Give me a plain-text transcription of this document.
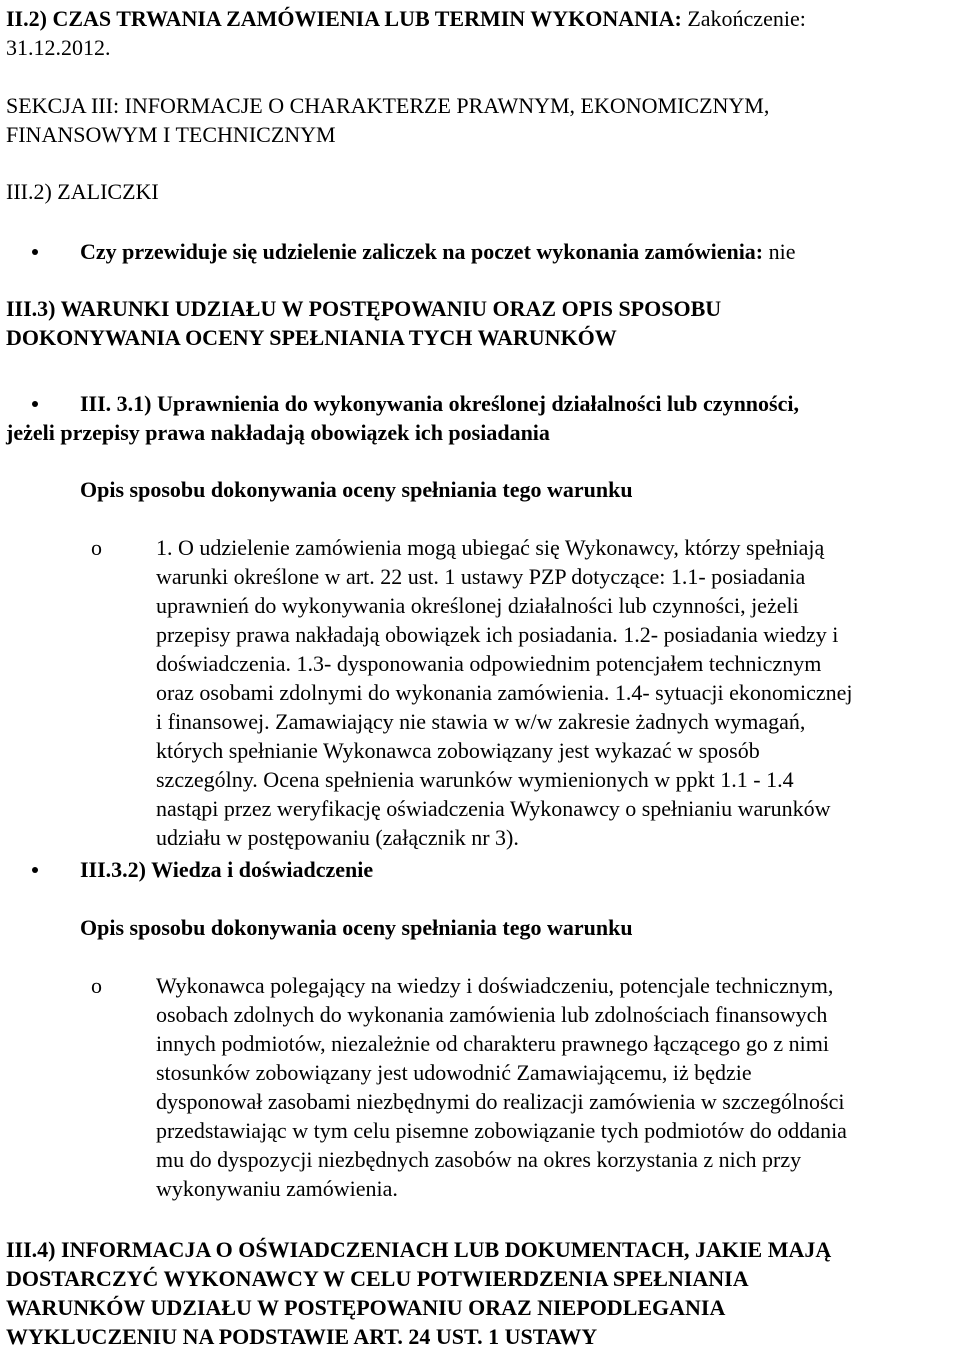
II.2) CZAS TRWANIA ZAMÓWIENIA LUB TERMIN WYKONANIA: Zakończenie:
31.12.2012.
SEKCJA III: INFORMACJE O CHARAKTERZE PRAWNYM, EKONOMICZNYM,
FINANSOWYM I TECHNICZNYM
III.2) ZALICZKI
Czy przewiduje się udzielenie zaliczek na poczet wykonania zamówienia: nie
III.3) WARUNKI UDZIAŁU W POSTĘPOWANIU ORAZ OPIS SPOSOBU
DOKONYWANIA OCENY SPEŁNIANIA TYCH WARUNKÓW
III. 3.1) Uprawnienia do wykonywania określonej działalności lub czynności,
jeżeli przepisy prawa nakładają obowiązek ich posiadania
Opis sposobu dokonywania oceny spełniania tego warunku
o 1. O udzielenie zamówienia mogą ubiegać się Wykonawcy, którzy spełniają
warunki określone w art. 22 ust. 1 ustawy PZP dotyczące: 1.1- posiadania
uprawnień do wykonywania określonej działalności lub czynności, jeżeli
przepisy prawa nakładają obowiązek ich posiadania. 1.2- posiadania wiedzy i
doświadczenia. 1.3- dysponowania odpowiednim potencjałem technicznym
oraz osobami zdolnymi do wykonania zamówienia. 1.4- sytuacji ekonomicznej
i finansowej. Zamawiający nie stawia w w/w zakresie żadnych wymagań,
których spełnianie Wykonawca zobowiązany jest wykazać w sposób
szczególny. Ocena spełnienia warunków wymienionych w ppkt 1.1 - 1.4
nastąpi przez weryfikację oświadczenia Wykonawcy o spełnianiu warunków
udziału w postępowaniu (załącznik nr 3).
III.3.2) Wiedza i doświadczenie
Opis sposobu dokonywania oceny spełniania tego warunku
o Wykonawca polegający na wiedzy i doświadczeniu, potencjale technicznym,
osobach zdolnych do wykonania zamówienia lub zdolnościach finansowych
innych podmiotów, niezależnie od charakteru prawnego łączącego go z nimi
stosunków zobowiązany jest udowodnić Zamawiającemu, iż będzie
dysponował zasobami niezbędnymi do realizacji zamówienia w szczególności
przedstawiając w tym celu pisemne zobowiązanie tych podmiotów do oddania
mu do dyspozycji niezbędnych zasobów na okres korzystania z nich przy
wykonywaniu zamówienia.
III.4) INFORMACJA O OŚWIADCZENIACH LUB DOKUMENTACH, JAKIE MAJĄ
DOSTARCZYĆ WYKONAWCY W CELU POTWIERDZENIA SPEŁNIANIA
WARUNKÓW UDZIAŁU W POSTĘPOWANIU ORAZ NIEPODLEGANIA
WYKLUCZENIU NA PODSTAWIE ART. 24 UST. 1 USTAWY
